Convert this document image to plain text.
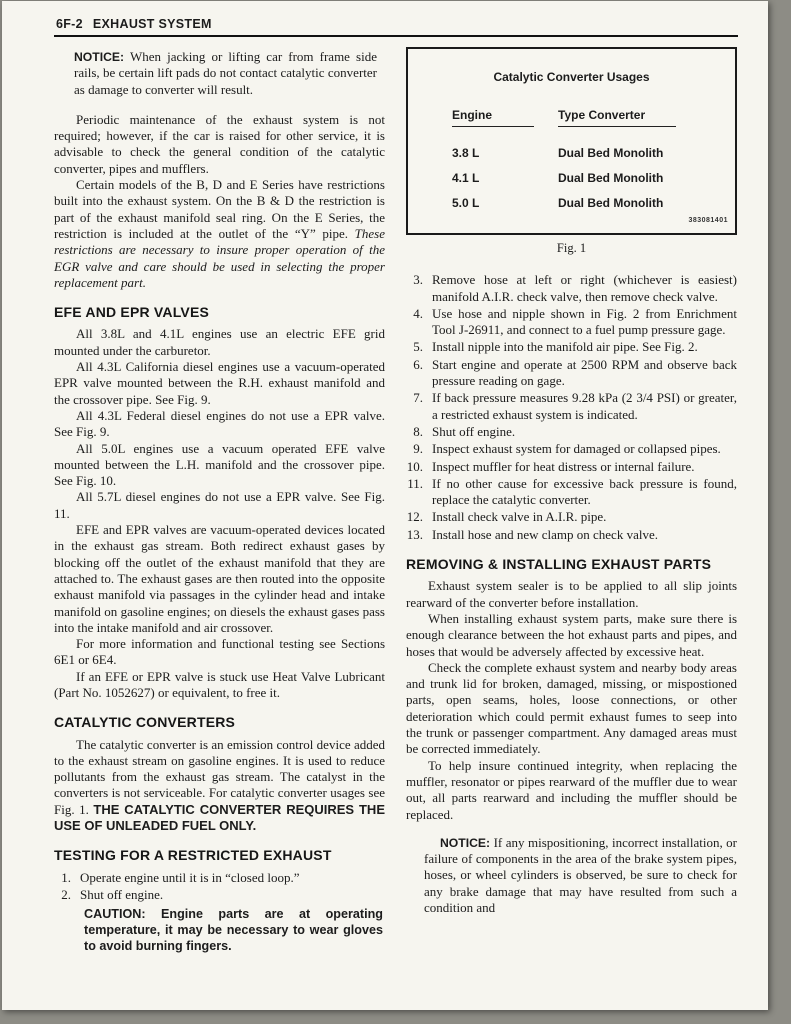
6F-2 EXHAUST SYSTEM

NOTICE: When jacking or lifting car from frame side rails, be certain lift pads do not contact catalytic converter as damage to converter will result.

Periodic maintenance of the exhaust system is not required; however, if the car is raised for other service, it is advisable to check the general condition of the catalytic converter, pipes and mufflers.

Certain models of the B, D and E Series have restrictions built into the exhaust system. On the B & D the restriction is part of the exhaust manifold seal ring. On the E Series, the restriction is included at the outlet of the “Y” pipe. These restrictions are necessary to insure proper operation of the EGR valve and care should be used in selecting the proper replacement part.

EFE AND EPR VALVES

All 3.8L and 4.1L engines use an electric EFE grid mounted under the carburetor.

All 4.3L California diesel engines use a vacuum-operated EPR valve mounted between the R.H. exhaust manifold and the crossover pipe. See Fig. 9.

All 4.3L Federal diesel engines do not use a EPR valve. See Fig. 9.

All 5.0L engines use a vacuum operated EFE valve mounted between the L.H. manifold and the crossover pipe. See Fig. 10.

All 5.7L diesel engines do not use a EPR valve. See Fig. 11.

EFE and EPR valves are vacuum-operated devices located in the exhaust gas stream. Both redirect exhaust gases by blocking off the outlet of the exhaust manifold that they are attached to. The exhaust gases are then routed into the opposite exhaust manifold via passages in the cylinder head and intake manifold on gasoline engines; on diesels the exhaust gases pass into the intake manifold and air crossover.

For more information and functional testing see Sections 6E1 or 6E4.

If an EFE or EPR valve is stuck use Heat Valve Lubricant (Part No. 1052627) or equivalent, to free it.

CATALYTIC CONVERTERS

The catalytic converter is an emission control device added to the exhaust stream on gasoline engines. It is used to reduce pollutants from the exhaust gas stream. The catalyst in the converters is not serviceable. For catalytic converter usages see Fig. 1. THE CATALYTIC CONVERTER REQUIRES THE USE OF UNLEADED FUEL ONLY.

TESTING FOR A RESTRICTED EXHAUST
1. Operate engine until it is in “closed loop.”
2. Shut off engine.

CAUTION: Engine parts are at operating temperature, it may be necessary to wear gloves to avoid burning fingers.

Catalytic Converter Usages
Engine	Type Converter
3.8 L	Dual Bed Monolith
4.1 L	Dual Bed Monolith
5.0 L	Dual Bed Monolith
383081401
Fig. 1
3. Remove hose at left or right (whichever is easiest) manifold A.I.R. check valve, then remove check valve.
4. Use hose and nipple shown in Fig. 2 from Enrichment Tool J-26911, and connect to a fuel pump pressure gage.
5. Install nipple into the manifold air pipe. See Fig. 2.
6. Start engine and operate at 2500 RPM and observe back pressure reading on gage.
7. If back pressure measures 9.28 kPa (2 3/4 PSI) or greater, a restricted exhaust system is indicated.
8. Shut off engine.
9. Inspect exhaust system for damaged or collapsed pipes.
10. Inspect muffler for heat distress or internal failure.
11. If no other cause for excessive back pressure is found, replace the catalytic converter.
12. Install check valve in A.I.R. pipe.
13. Install hose and new clamp on check valve.
REMOVING & INSTALLING EXHAUST PARTS

Exhaust system sealer is to be applied to all slip joints rearward of the converter before installation.

When installing exhaust system parts, make sure there is enough clearance between the hot exhaust parts and pipes, and hoses that would be adversely affected by excessive heat.

Check the complete exhaust system and nearby body areas and trunk lid for broken, damaged, missing, or mispostioned parts, open seams, holes, loose connections, or other deterioration which could permit exhaust fumes to seep into the trunk or passenger compartment. Any damaged areas must be corrected immediately.

To help insure continued integrity, when replacing the muffler, resonator or pipes rearward of the muffler due to wear out, all parts rearward and including the muffler should be replaced.

NOTICE: If any mispositioning, incorrect installation, or failure of components in the area of the brake system pipes, hoses, or wheel cylinders is observed, be sure to check for any brake damage that may have resulted from such a condition and
